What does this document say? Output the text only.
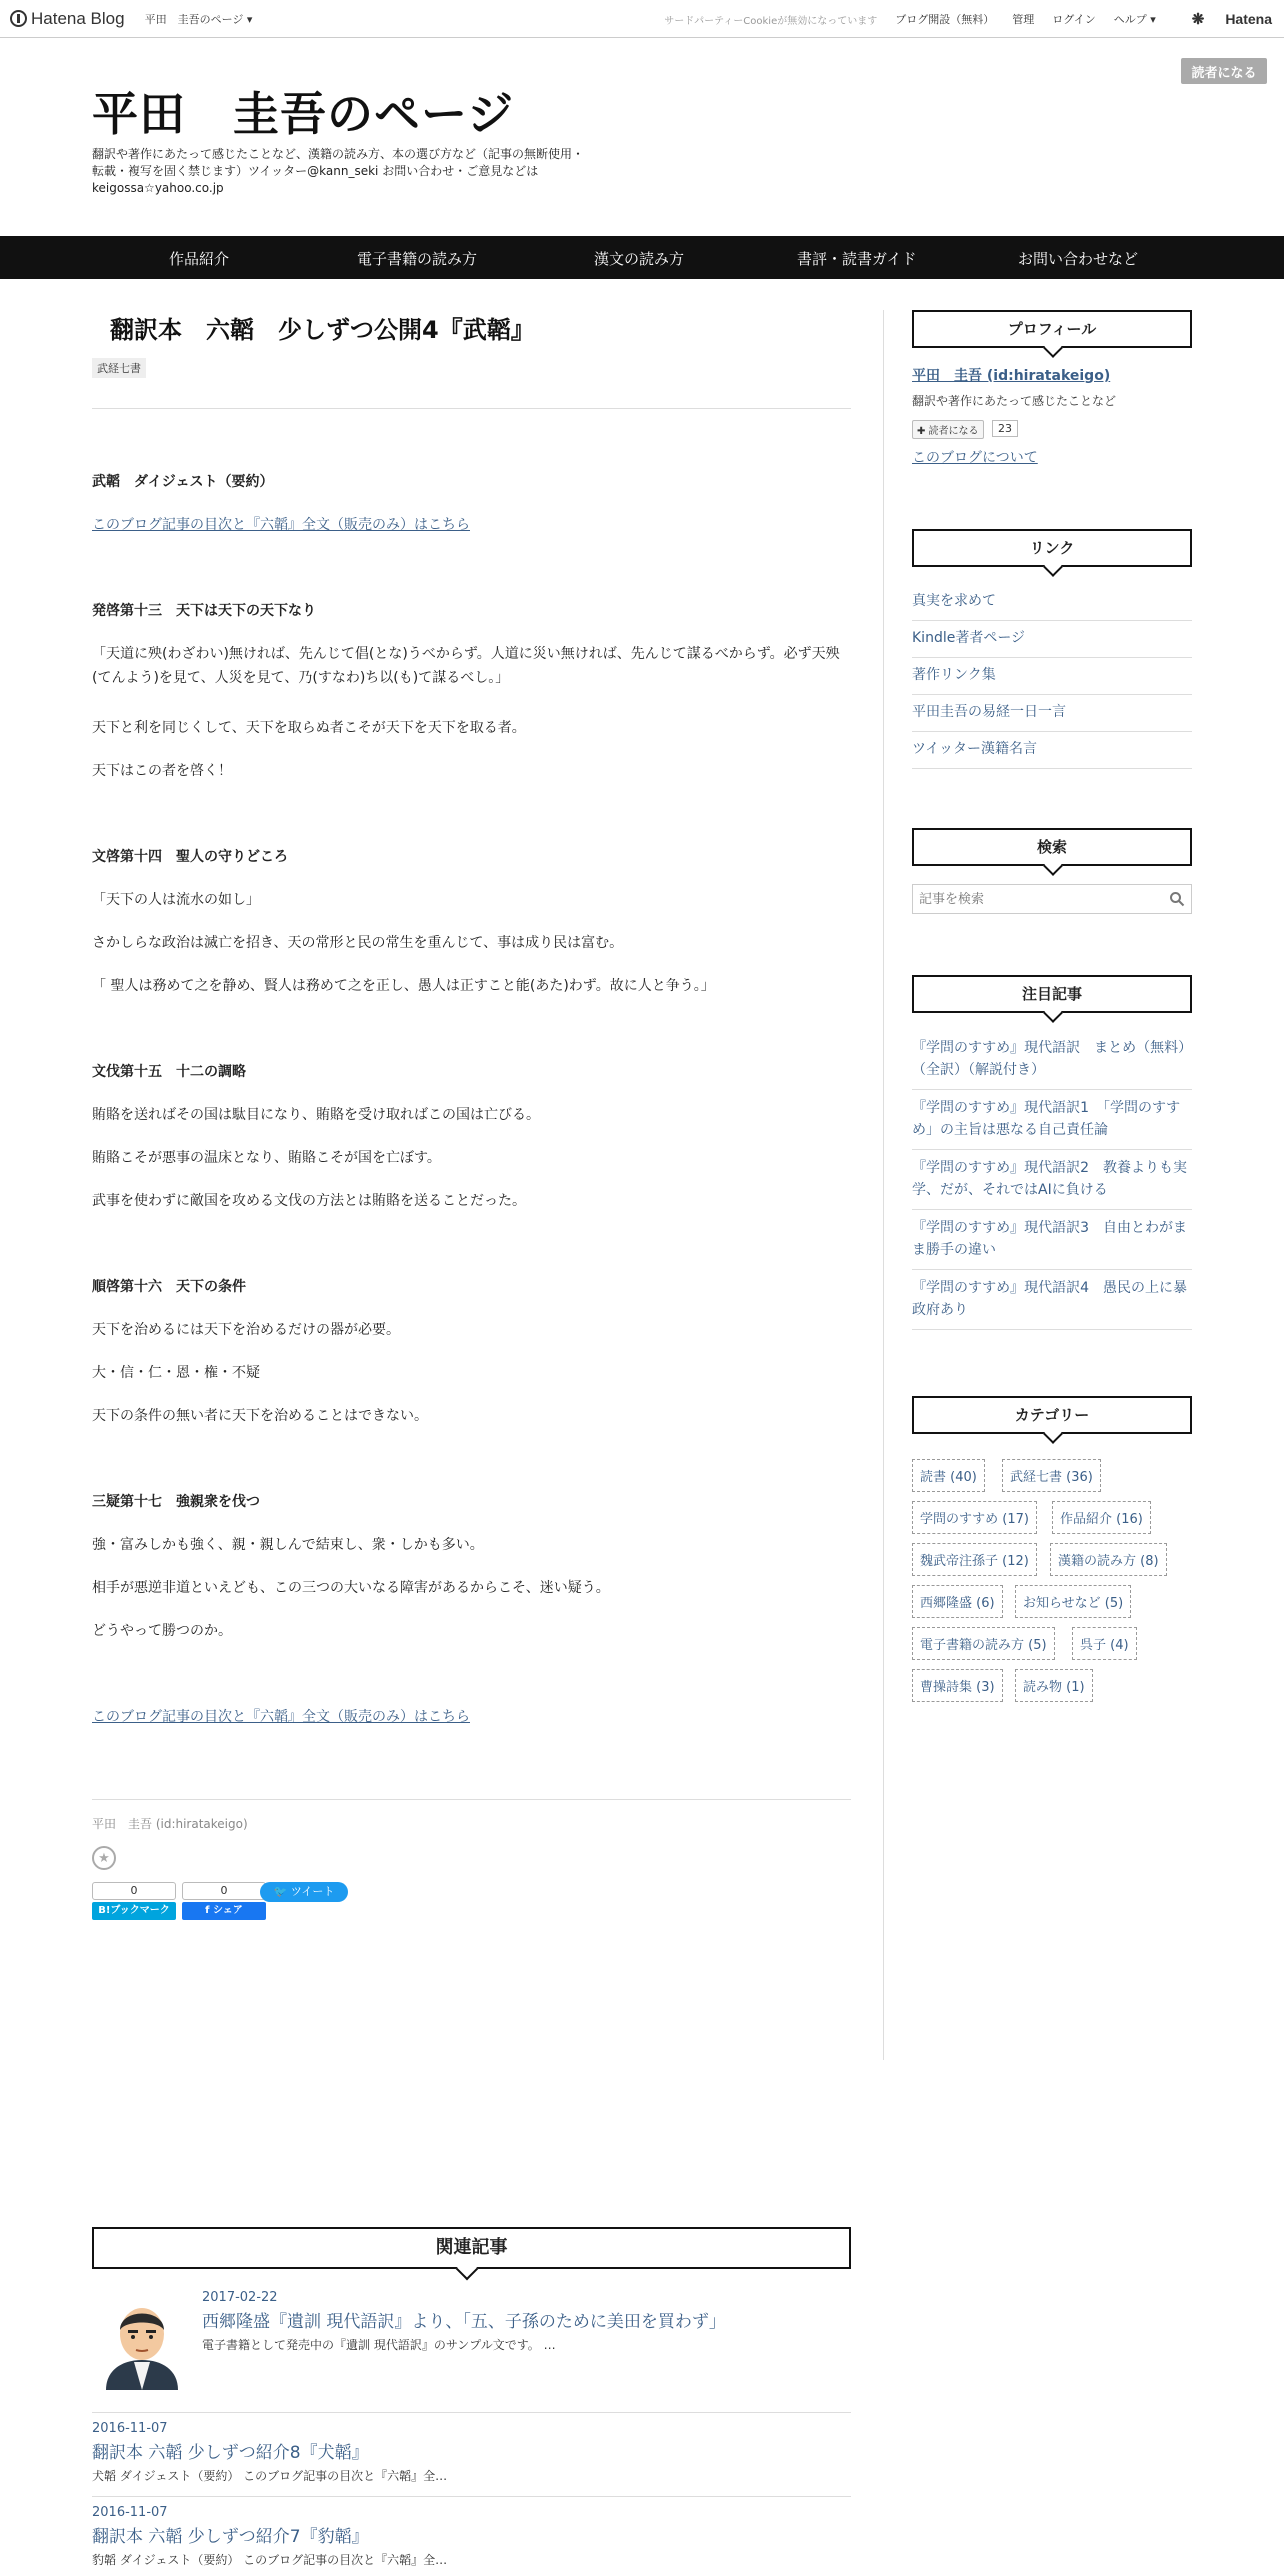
Hatena Blog 平田　圭吾のページ ▾	サードパーティーCookieが無効になっています ブログ開設（無料） 管理 ログイン ヘルプ ▾ ❋ Hatena
読者になる
平田　圭吾のページ
翻訳や著作にあたって感じたことなど、漢籍の読み方、本の選び方など（記事の無断使用・転載・複写を固く禁じます）ツイッター@kann_seki お問い合わせ・ご意見などはkeigossa☆yahoo.co.jp
作品紹介	電子書籍の読み方	漢文の読み方	書評・読書ガイド	お問い合わせなど
翻訳本　六韜　少しずつ公開4『武韜』
武経七書
武韜　ダイジェスト（要約）
このブログ記事の目次と『六韜』全文（販売のみ）はこちら
発啓第十三　天下は天下の天下なり
「天道に殃(わざわい)無ければ、先んじて倡(とな)うべからず。人道に災い無ければ、先んじて謀るべからず。必ず天殃(てんよう)を見て、人災を見て、乃(すなわ)ち以(も)て謀るべし。」
天下と利を同じくして、天下を取らぬ者こそが天下を天下を取る者。
天下はこの者を啓く！
文啓第十四　聖人の守りどころ
「天下の人は流水の如し」
さかしらな政治は滅亡を招き、天の常形と民の常生を重んじて、事は成り民は富む。
「 聖人は務めて之を静め、賢人は務めて之を正し、愚人は正すこと能(あた)わず。故に人と争う。」
文伐第十五　十二の調略
賄賂を送ればその国は駄目になり、賄賂を受け取ればこの国は亡びる。
賄賂こそが悪事の温床となり、賄賂こそが国を亡ぼす。
武事を使わずに敵国を攻める文伐の方法とは賄賂を送ることだった。
順啓第十六　天下の条件
天下を治めるには天下を治めるだけの器が必要。
大・信・仁・恩・権・不疑
天下の条件の無い者に天下を治めることはできない。
三疑第十七　強親衆を伐つ
強・富みしかも強く、親・親しんで結束し、衆・しかも多い。
相手が悪逆非道といえども、この三つの大いなる障害があるからこそ、迷い疑う。
どうやって勝つのか。
このブログ記事の目次と『六韜』全文（販売のみ）はこちら
平田　圭吾 (id:hiratakeigo)
★
0
B!ブックマーク
0
f シェア
🐦 ツイート
関連記事
2017-02-22
西郷隆盛『遺訓 現代語訳』より、「五、子孫のために美田を買わず」
電子書籍として発売中の『遺訓 現代語訳』のサンプル文です。 …
2016-11-07
翻訳本 六韜 少しずつ紹介8『犬韜』
犬韜 ダイジェスト（要約） このブログ記事の目次と『六韜』全…
2016-11-07
翻訳本 六韜 少しずつ紹介7『豹韜』
豹韜 ダイジェスト（要約） このブログ記事の目次と『六韜』全…
プロフィール
平田　圭吾 (id:hiratakeigo)
翻訳や著作にあたって感じたことなど
✚ 読者になる	23
このブログについて
リンク
真実を求めて
Kindle著者ページ
著作リンク集
平田圭吾の易経一日一言
ツイッター漢籍名言
検索
記事を検索
注目記事
『学問のすすめ』現代語訳　まとめ（無料）（全訳）（解説付き）
『学問のすすめ』現代語訳1　「学問のすすめ」の主旨は悪なる自己責任論
『学問のすすめ』現代語訳2　教養よりも実学、だが、それではAIに負ける
『学問のすすめ』現代語訳3　自由とわがまま勝手の違い
『学問のすすめ』現代語訳4　愚民の上に暴政府あり
カテゴリー
読書 (40)	武経七書 (36)
学問のすすめ (17)	作品紹介 (16)
魏武帝注孫子 (12)	漢籍の読み方 (8)
西郷隆盛 (6)	お知らせなど (5)
電子書籍の読み方 (5)	呉子 (4)
曹操詩集 (3)	読み物 (1)
